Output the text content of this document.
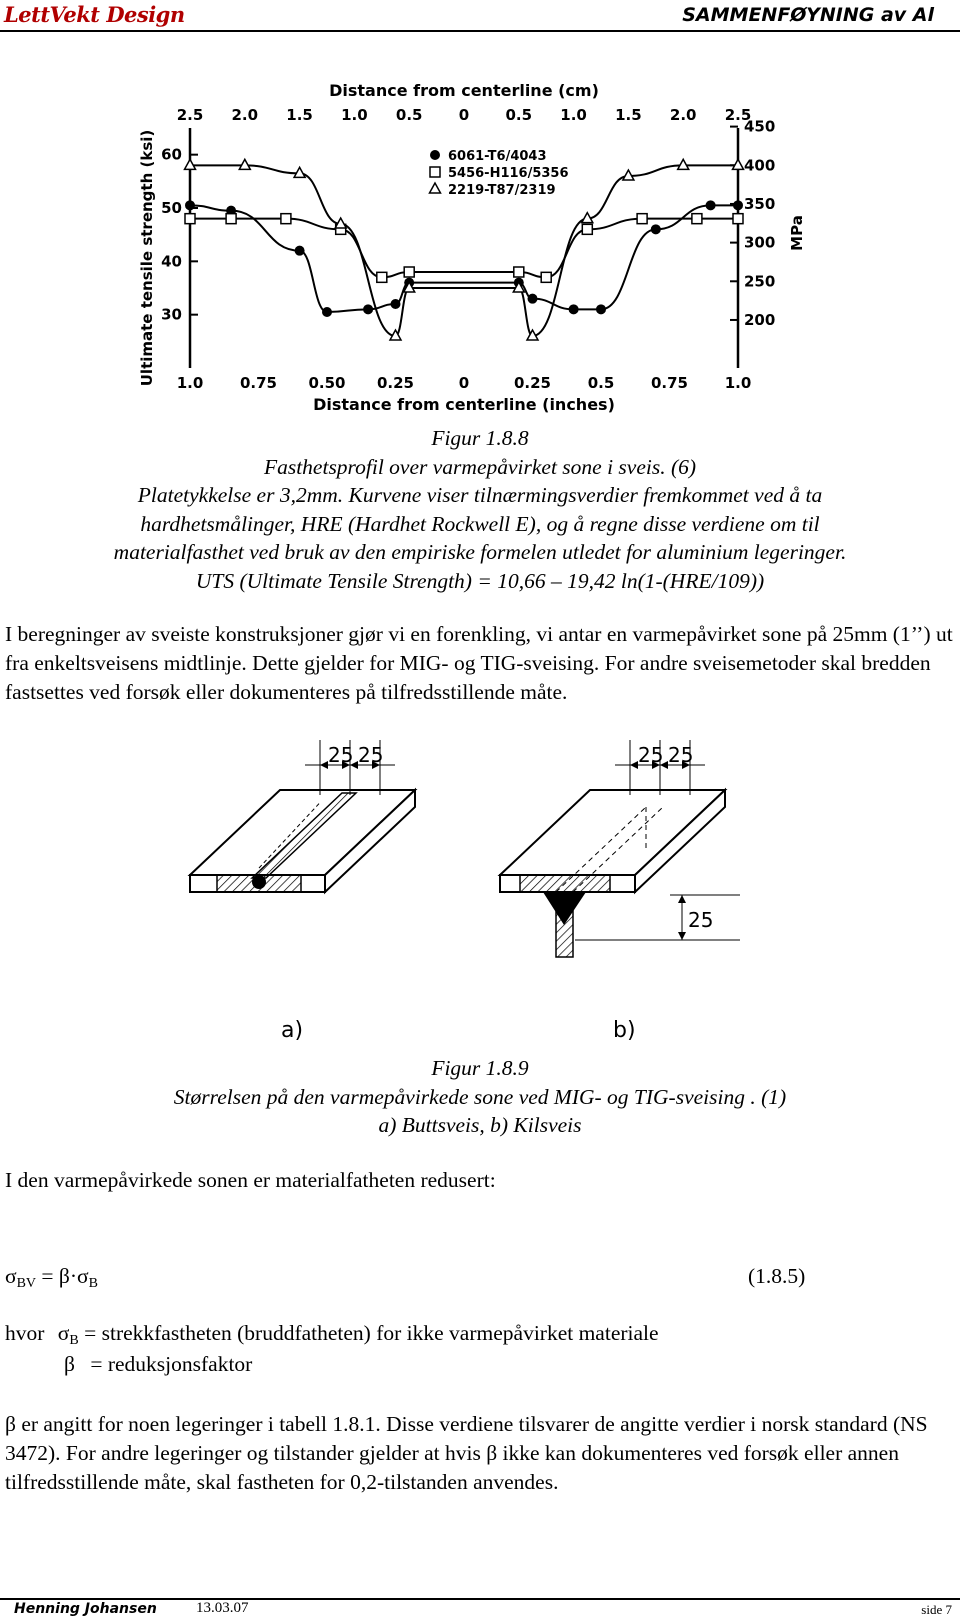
LettVekt Design	SAMMENFØYNING av Al
6061-T6/4043
5456-H116/5356
2219-T87/2319
2.5 2.0 1.5 1.0 0.5 0 0.5 1.0 1.5 2.0 2.5
1.0 0.75 0.50 0.25	0	0.25 0.5 0.75 1.0
60
50
40
30
450
400
350
300
250
200
Distance from centerline (cm)
Distance from centerline (inches)
Ultimate tensile strength (ksi)	MPa
Figur 1.8.8
Fasthetsprofil over varmepåvirket sone i sveis. (6)
Platetykkelse er 3,2mm. Kurvene viser tilnærmingsverdier fremkommet ved å ta
hardhetsmålinger, HRE (Hardhet Rockwell E), og å regne disse verdiene om til
materialfasthet ved bruk av den empiriske formelen utledet for aluminium legeringer.
UTS (Ultimate Tensile Strength) = 10,66 – 19,42 ln(1-(HRE/109))

I beregninger av sveiste konstruksjoner gjør vi en forenkling, vi antar en varmepåvirket sone på 25mm (1’’) ut fra enkeltsveisens midtlinje. Dette gjelder for MIG- og TIG-sveising. For andre sveisemetoder skal bredden fastsettes ved forsøk eller dokumenteres på tilfredsstillende måte.

25 25	25 25
25
a)	b)
Figur 1.8.9
Størrelsen på den varmepåvirkede sone ved MIG- og TIG-sveising . (1)
a) Buttsveis, b) Kilsveis

I den varmepåvirkede sonen er materialfatheten redusert:

$\sigma_{BV} = \beta\cdot\sigma_B$	(1.8.5)
hvor $\sigma_B$ = strekkfastheten (bruddfatheten) for ikke varmepåvirket materiale
β = reduksjonsfaktor

β er angitt for noen legeringer i tabell 1.8.1. Disse verdiene tilsvarer de angitte verdier i norsk standard (NS 3472). For andre legeringer og tilstander gjelder at hvis β ikke kan dokumenteres ved forsøk eller annen tilfredsstillende måte, skal fastheten for 0,2-tilstanden anvendes.

Henning Johansen	13.03.07	side 7
